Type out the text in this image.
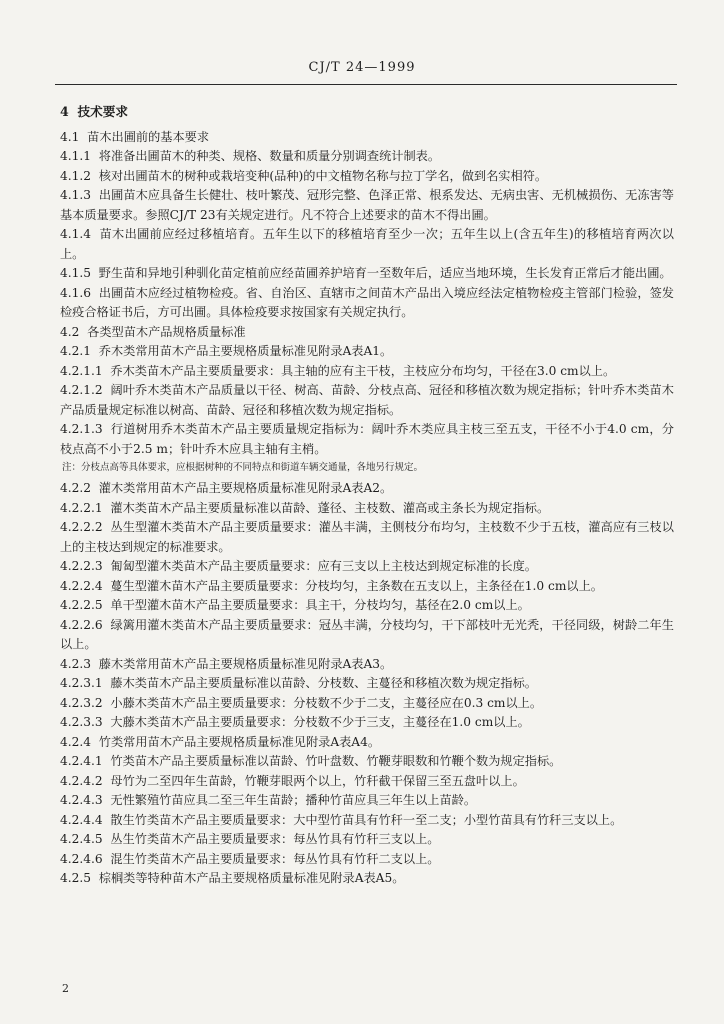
CJ/T 24—1999
4  技术要求
4.1  苗木出圃前的基本要求
4.1.1  将准备出圃苗木的种类、规格、数量和质量分别调查统计制表。
4.1.2  核对出圃苗木的树种或栽培变种(品种)的中文植物名称与拉丁学名，做到名实相符。
4.1.3  出圃苗木应具备生长健壮、枝叶繁茂、冠形完整、色泽正常、根系发达、无病虫害、无机械损伤、无冻害等基本质量要求。参照CJ/T 23有关规定进行。凡不符合上述要求的苗木不得出圃。
4.1.4  苗木出圃前应经过移植培育。五年生以下的移植培育至少一次；五年生以上(含五年生)的移植培育两次以上。
4.1.5  野生苗和异地引种驯化苗定植前应经苗圃养护培育一至数年后，适应当地环境，生长发育正常后才能出圃。
4.1.6  出圃苗木应经过植物检疫。省、自治区、直辖市之间苗木产品出入境应经法定植物检疫主管部门检验，签发检疫合格证书后，方可出圃。具体检疫要求按国家有关规定执行。
4.2  各类型苗木产品规格质量标准
4.2.1  乔木类常用苗木产品主要规格质量标准见附录A表A1。
4.2.1.1  乔木类苗木产品主要质量要求：具主轴的应有主干枝，主枝应分布均匀，干径在3.0 cm以上。
4.2.1.2  阔叶乔木类苗木产品质量以干径、树高、苗龄、分枝点高、冠径和移植次数为规定指标；针叶乔木类苗木产品质量规定标准以树高、苗龄、冠径和移植次数为规定指标。
4.2.1.3  行道树用乔木类苗木产品主要质量规定指标为：阔叶乔木类应具主枝三至五支，干径不小于4.0 cm，分枝点高不小于2.5 m；针叶乔木应具主轴有主梢。
注：分枝点高等具体要求，应根据树种的不同特点和街道车辆交通量，各地另行规定。
4.2.2  灌木类常用苗木产品主要规格质量标准见附录A表A2。
4.2.2.1  灌木类苗木产品主要质量标准以苗龄、蓬径、主枝数、灌高或主条长为规定指标。
4.2.2.2  丛生型灌木类苗木产品主要质量要求：灌丛丰满，主侧枝分布均匀，主枝数不少于五枝，灌高应有三枝以上的主枝达到规定的标准要求。
4.2.2.3  匍匐型灌木类苗木产品主要质量要求：应有三支以上主枝达到规定标准的长度。
4.2.2.4  蔓生型灌木苗木产品主要质量要求：分枝均匀，主条数在五支以上，主条径在1.0 cm以上。
4.2.2.5  单干型灌木苗木产品主要质量要求：具主干，分枝均匀，基径在2.0 cm以上。
4.2.2.6  绿篱用灌木类苗木产品主要质量要求：冠丛丰满，分枝均匀，干下部枝叶无光秃，干径同级，树龄二年生以上。
4.2.3  藤木类常用苗木产品主要规格质量标准见附录A表A3。
4.2.3.1  藤木类苗木产品主要质量标准以苗龄、分枝数、主蔓径和移植次数为规定指标。
4.2.3.2  小藤木类苗木产品主要质量要求：分枝数不少于二支，主蔓径应在0.3 cm以上。
4.2.3.3  大藤木类苗木产品主要质量要求：分枝数不少于三支，主蔓径在1.0 cm以上。
4.2.4  竹类常用苗木产品主要规格质量标准见附录A表A4。
4.2.4.1  竹类苗木产品主要质量标准以苗龄、竹叶盘数、竹鞭芽眼数和竹鞭个数为规定指标。
4.2.4.2  母竹为二至四年生苗龄，竹鞭芽眼两个以上，竹秆截干保留三至五盘叶以上。
4.2.4.3  无性繁殖竹苗应具二至三年生苗龄；播种竹苗应具三年生以上苗龄。
4.2.4.4  散生竹类苗木产品主要质量要求：大中型竹苗具有竹秆一至二支；小型竹苗具有竹秆三支以上。
4.2.4.5  丛生竹类苗木产品主要质量要求：每丛竹具有竹秆三支以上。
4.2.4.6  混生竹类苗木产品主要质量要求：每丛竹具有竹秆二支以上。
4.2.5  棕榈类等特种苗木产品主要规格质量标准见附录A表A5。
2
